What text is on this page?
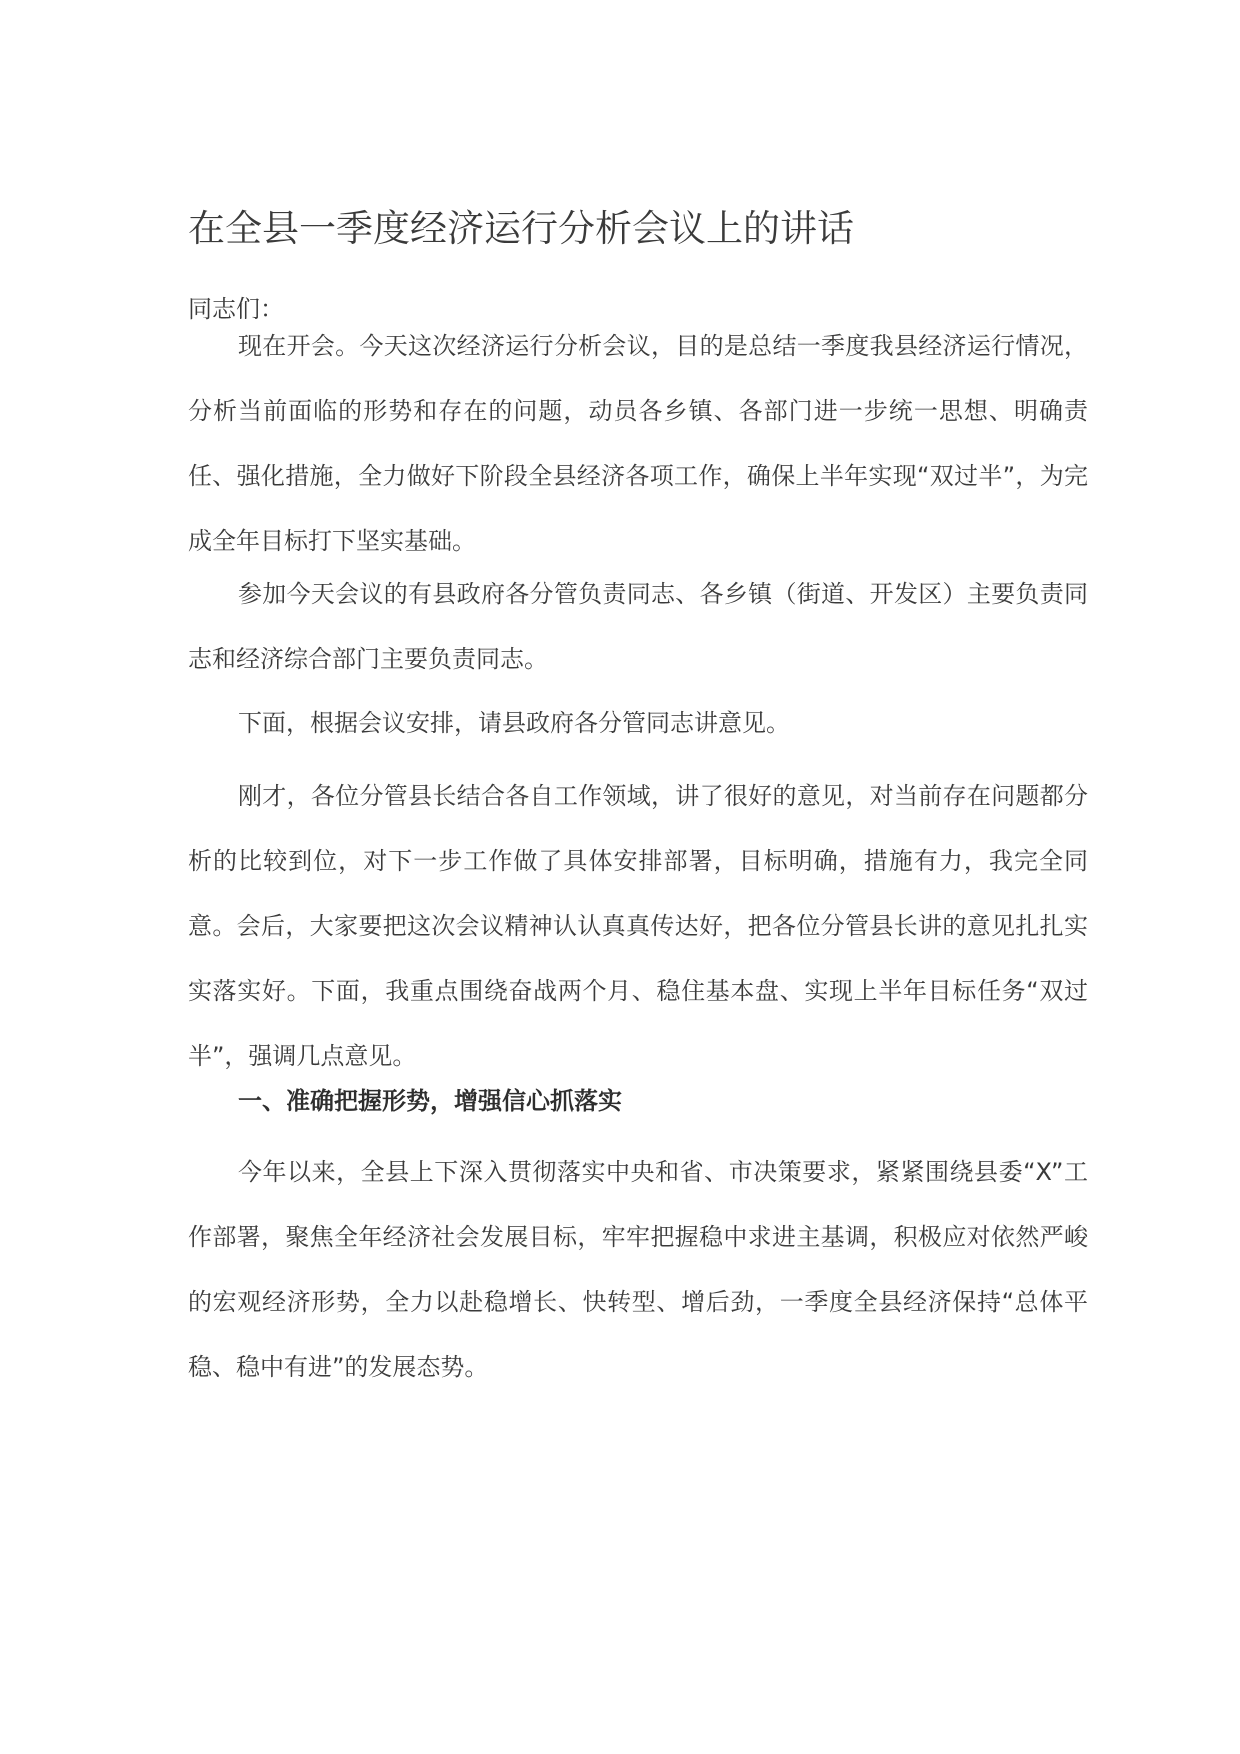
在全县一季度经济运行分析会议上的讲话
同志们：

现在开会。今天这次经济运行分析会议，目的是总结一季度我县经济运行情况，分析当前面临的形势和存在的问题，动员各乡镇、各部门进一步统一思想、明确责任、强化措施，全力做好下阶段全县经济各项工作，确保上半年实现“双过半”，为完成全年目标打下坚实基础。

参加今天会议的有县政府各分管负责同志、各乡镇（街道、开发区）主要负责同志和经济综合部门主要负责同志。

下面，根据会议安排，请县政府各分管同志讲意见。

刚才，各位分管县长结合各自工作领域，讲了很好的意见，对当前存在问题都分析的比较到位，对下一步工作做了具体安排部署，目标明确，措施有力，我完全同意。会后，大家要把这次会议精神认认真真传达好，把各位分管县长讲的意见扎扎实实落实好。下面，我重点围绕奋战两个月、稳住基本盘、实现上半年目标任务“双过半”，强调几点意见。

一、准确把握形势，增强信心抓落实

今年以来，全县上下深入贯彻落实中央和省、市决策要求，紧紧围绕县委“X”工作部署，聚焦全年经济社会发展目标，牢牢把握稳中求进主基调，积极应对依然严峻的宏观经济形势，全力以赴稳增长、快转型、增后劲，一季度全县经济保持“总体平稳、稳中有进”的发展态势。
